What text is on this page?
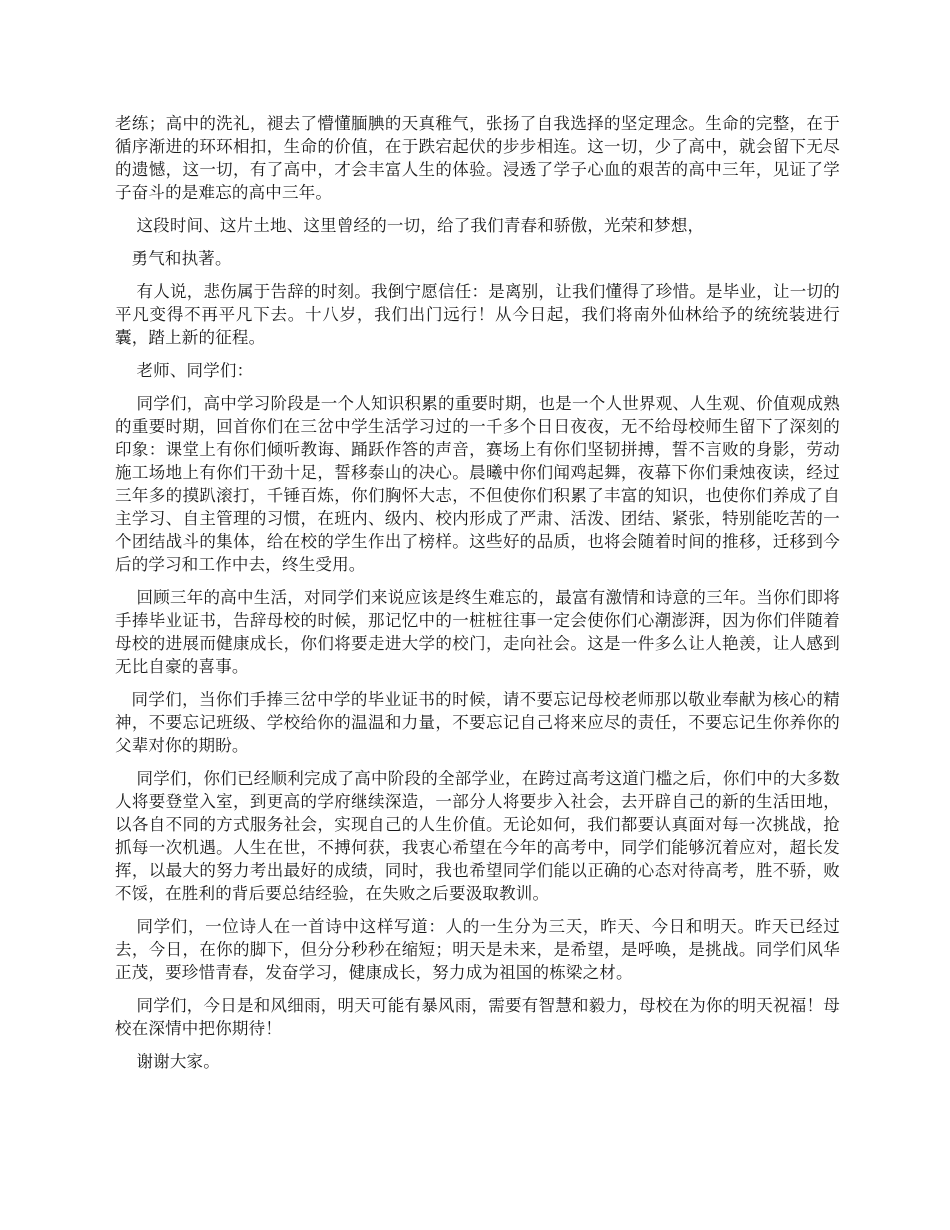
老练；高中的洗礼，褪去了懵懂腼腆的天真稚气，张扬了自我选择的坚定理念。生命的完整，在于循序渐进的环环相扣，生命的价值，在于跌宕起伏的步步相连。这一切，少了高中，就会留下无尽的遗憾，这一切，有了高中，才会丰富人生的体验。浸透了学子心血的艰苦的高中三年，见证了学子奋斗的是难忘的高中三年。

这段时间、这片土地、这里曾经的一切，给了我们青春和骄傲，光荣和梦想，

勇气和执著。

有人说，悲伤属于告辞的时刻。我倒宁愿信任：是离别，让我们懂得了珍惜。是毕业，让一切的平凡变得不再平凡下去。十八岁，我们出门远行！从今日起，我们将南外仙林给予的统统装进行囊，踏上新的征程。

老师、同学们：

同学们，高中学习阶段是一个人知识积累的重要时期，也是一个人世界观、人生观、价值观成熟的重要时期，回首你们在三岔中学生活学习过的一千多个日日夜夜，无不给母校师生留下了深刻的印象：课堂上有你们倾听教诲、踊跃作答的声音，赛场上有你们坚韧拼搏，誓不言败的身影，劳动施工场地上有你们干劲十足，誓移泰山的决心。晨曦中你们闻鸡起舞，夜幕下你们秉烛夜读，经过三年多的摸趴滚打，千锤百炼，你们胸怀大志，不但使你们积累了丰富的知识，也使你们养成了自主学习、自主管理的习惯，在班内、级内、校内形成了严肃、活泼、团结、紧张，特别能吃苦的一个团结战斗的集体，给在校的学生作出了榜样。这些好的品质，也将会随着时间的推移，迁移到今后的学习和工作中去，终生受用。

回顾三年的高中生活，对同学们来说应该是终生难忘的，最富有激情和诗意的三年。当你们即将手捧毕业证书，告辞母校的时候，那记忆中的一桩桩往事一定会使你们心潮澎湃，因为你们伴随着母校的进展而健康成长，你们将要走进大学的校门，走向社会。这是一件多么让人艳羡，让人感到无比自豪的喜事。

同学们，当你们手捧三岔中学的毕业证书的时候，请不要忘记母校老师那以敬业奉献为核心的精神，不要忘记班级、学校给你的温温和力量，不要忘记自己将来应尽的责任，不要忘记生你养你的父辈对你的期盼。

同学们，你们已经顺利完成了高中阶段的全部学业，在跨过高考这道门槛之后，你们中的大多数人将要登堂入室，到更高的学府继续深造，一部分人将要步入社会，去开辟自己的新的生活田地，以各自不同的方式服务社会，实现自己的人生价值。无论如何，我们都要认真面对每一次挑战，抢抓每一次机遇。人生在世，不搏何获，我衷心希望在今年的高考中，同学们能够沉着应对，超长发挥，以最大的努力考出最好的成绩，同时，我也希望同学们能以正确的心态对待高考，胜不骄，败不馁，在胜利的背后要总结经验，在失败之后要汲取教训。

同学们，一位诗人在一首诗中这样写道：人的一生分为三天，昨天、今日和明天。昨天已经过去，今日，在你的脚下，但分分秒秒在缩短；明天是未来，是希望，是呼唤，是挑战。同学们风华正茂，要珍惜青春，发奋学习，健康成长，努力成为祖国的栋梁之材。

同学们，今日是和风细雨，明天可能有暴风雨，需要有智慧和毅力，母校在为你的明天祝福！母校在深情中把你期待！

谢谢大家。
